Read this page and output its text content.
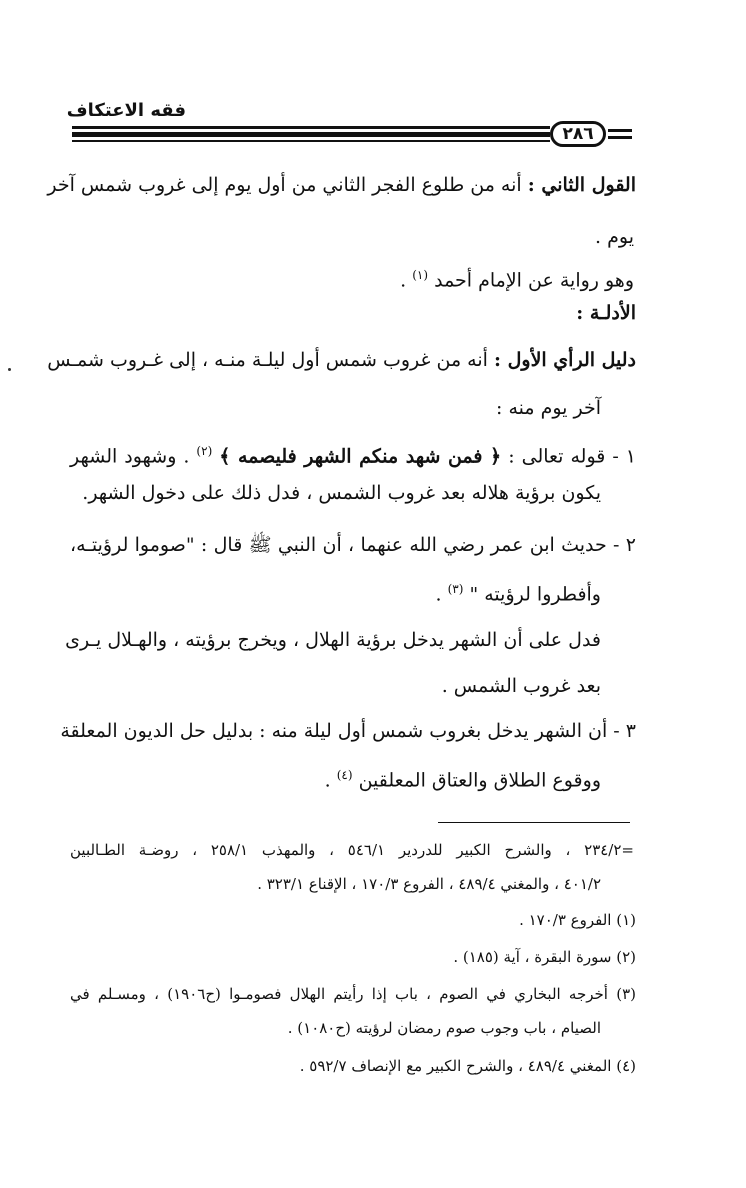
فقه الاعتكاف
٢٨٦
القول الثاني : أنه من طلوع الفجر الثاني من أول يوم إلى غروب شمس آخر
يوم .
وهو رواية عن الإمام أحمد $^{(١)}$ .
الأدلـة :
دليل الرأي الأول : أنه من غروب شمس أول ليلـة منـه ، إلى غـروب شمـس
آخر يوم منه :
١ - قوله تعالى : ﴿ فمن شهد منكم الشهر فليصمه ﴾ $^{(٢)}$ . وشهود الشهر
يكون برؤية هلاله بعد غروب الشمس ، فدل ذلك على دخول الشهر.
٢ - حديث ابن عمر رضي الله عنهما ، أن النبي ﷺ قال : "صوموا لرؤيتـه،
وأفطروا لرؤيته " $^{(٣)}$ .
فدل على أن الشهر يدخل برؤية الهلال ، ويخرج برؤيته ، والهـلال يـرى
بعد غروب الشمس .
٣ - أن الشهر يدخل بغروب شمس أول ليلة منه : بدليل حل الديون المعلقة
ووقوع الطلاق والعتاق المعلقين $^{(٤)}$ .
=٢٣٤/٢ ، والشرح الكبير للدردير ٥٤٦/١ ، والمهذب ٢٥٨/١ ، روضـة الطـالبين
٤٠١/٢ ، والمغني ٤٨٩/٤ ، الفروع ١٧٠/٣ ، الإقناع ٣٢٣/١ .
(١) الفروع ١٧٠/٣ .
(٢) سورة البقرة ، آية (١٨٥) .
(٣) أخرجه البخاري في الصوم ، باب إذا رأيتم الهلال فصومـوا (ح١٩٠٦) ، ومسـلم في
الصيام ، باب وجوب صوم رمضان لرؤيته (ح١٠٨٠) .
(٤) المغني ٤٨٩/٤ ، والشرح الكبير مع الإنصاف ٥٩٢/٧ .
